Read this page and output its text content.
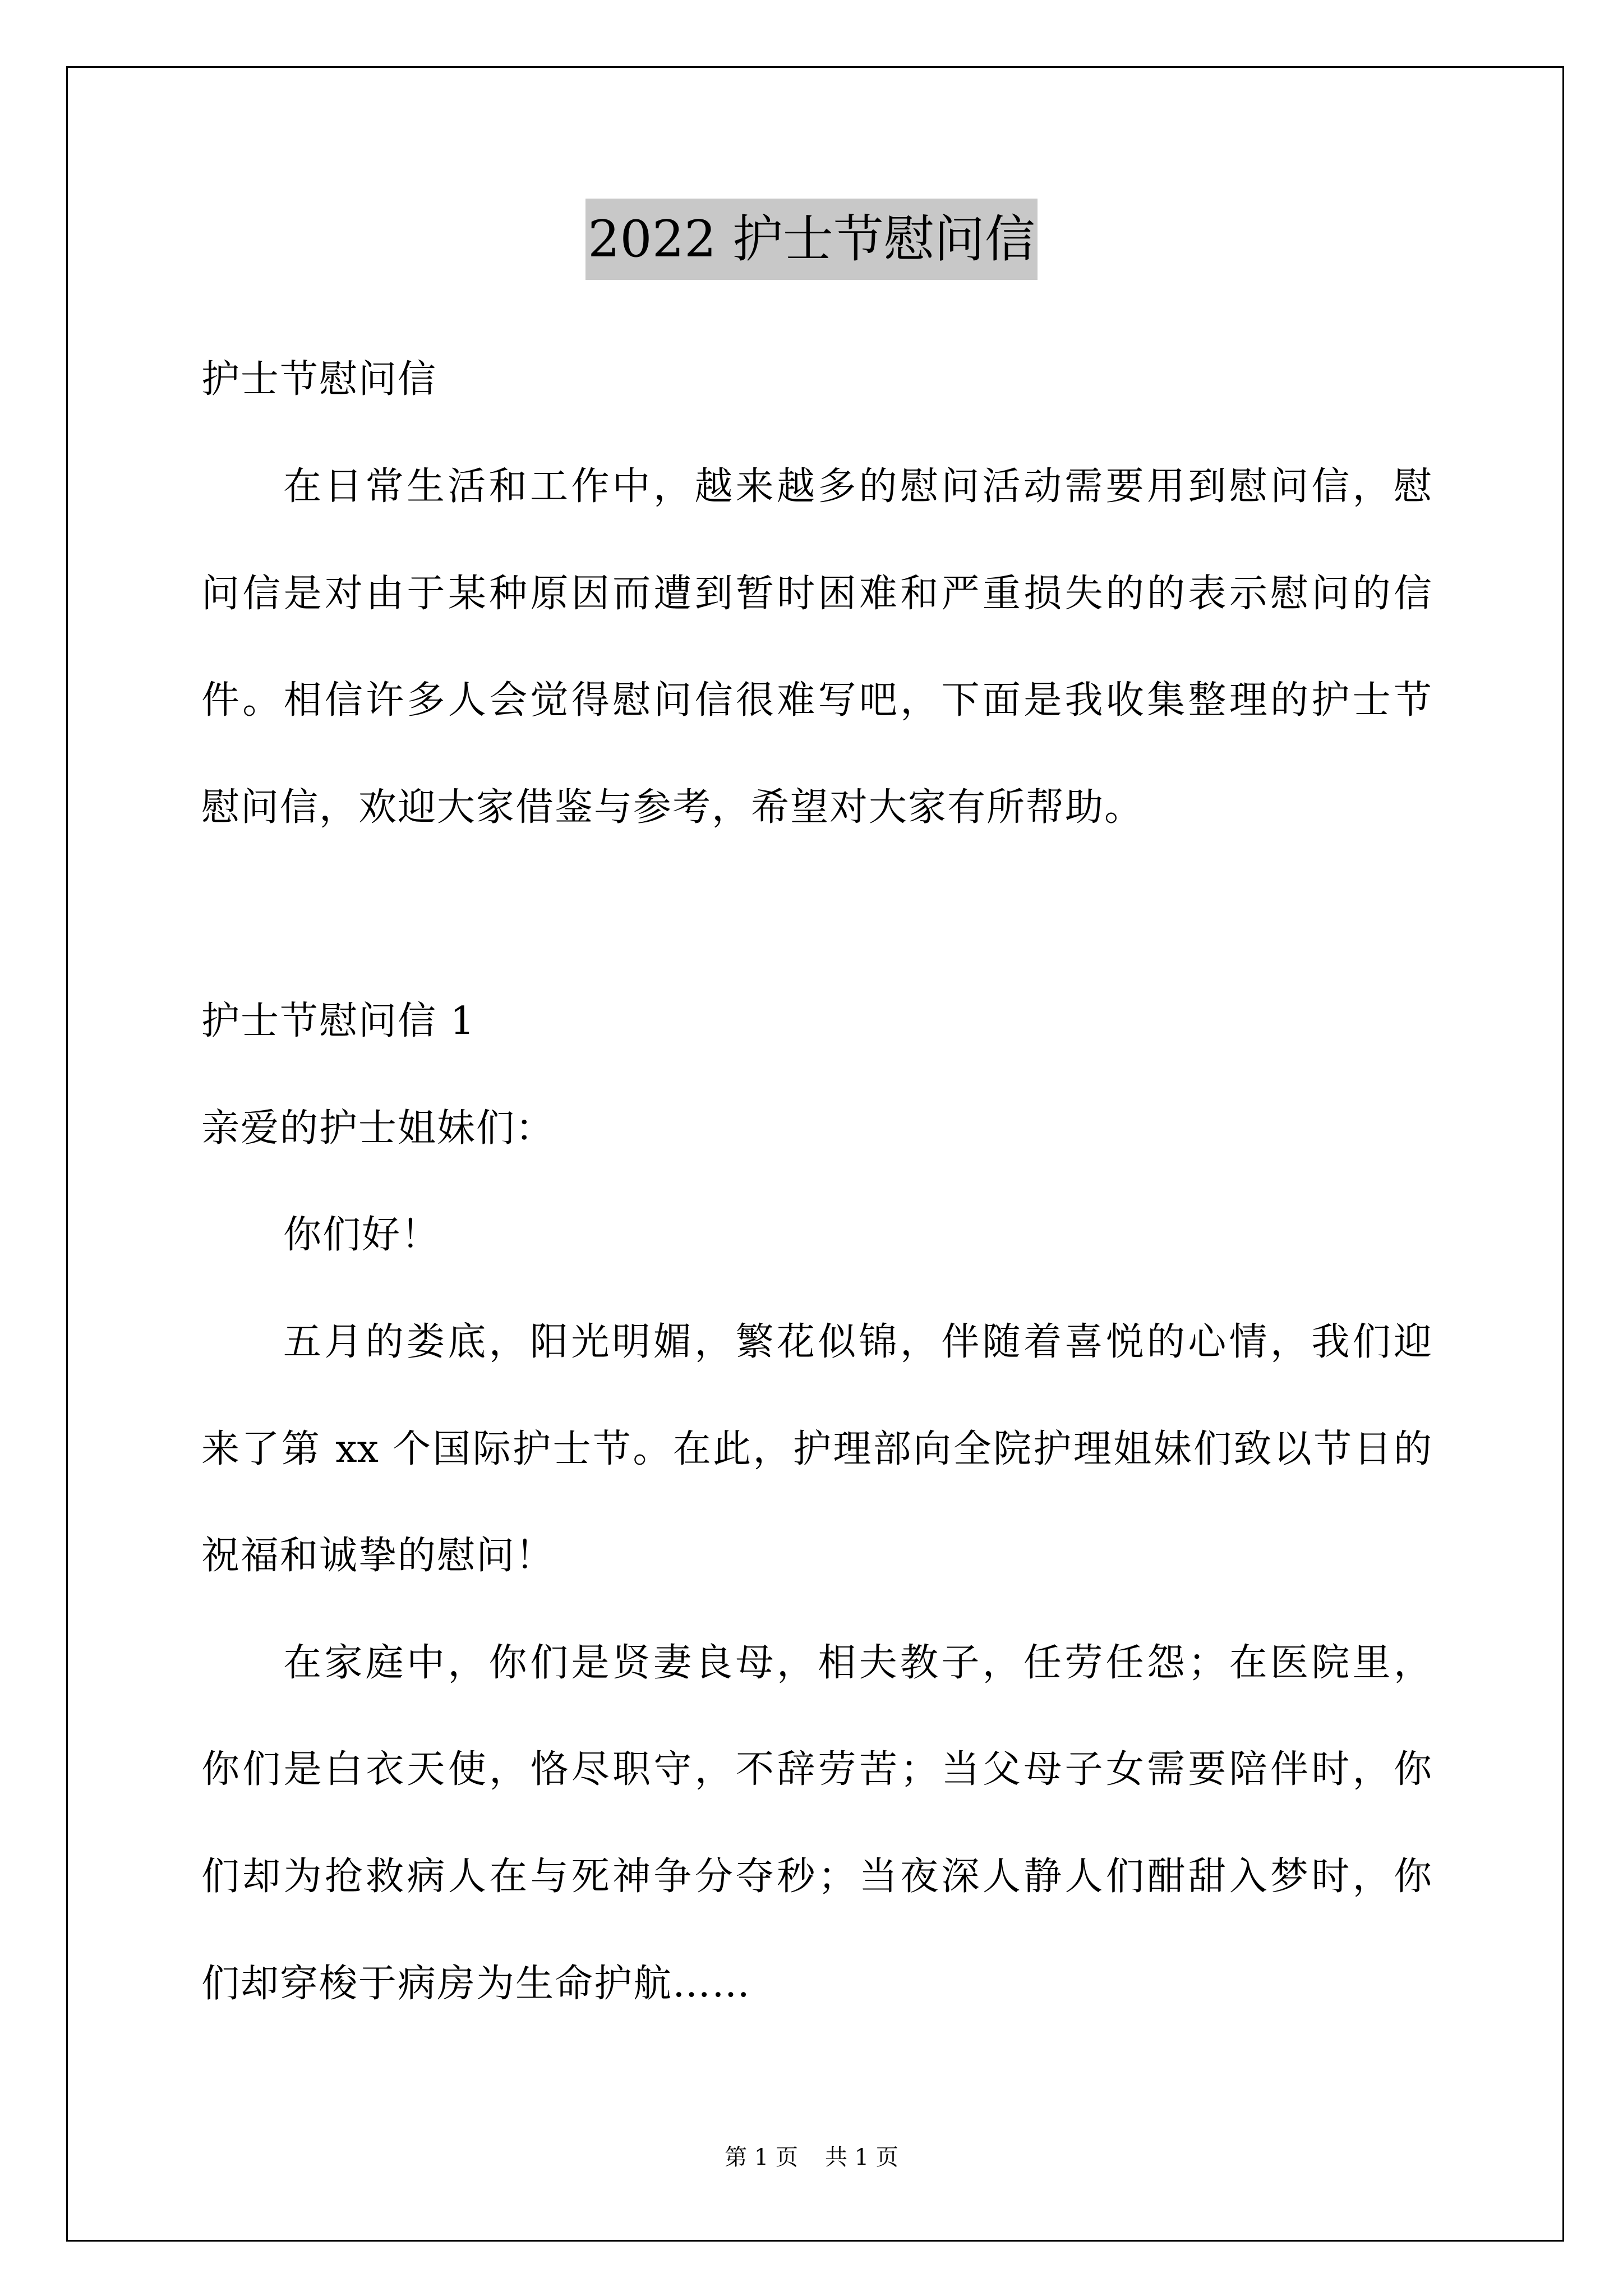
2022 护士节慰问信
护士节慰问信
在日常生活和工作中，越来越多的慰问活动需要用到慰问信，慰
问信是对由于某种原因而遭到暂时困难和严重损失的的表示慰问的信
件。相信许多人会觉得慰问信很难写吧，下面是我收集整理的护士节
慰问信，欢迎大家借鉴与参考，希望对大家有所帮助。
护士节慰问信 1
亲爱的护士姐妹们：
你们好！
五月的娄底，阳光明媚，繁花似锦，伴随着喜悦的心情，我们迎
来了第 xx 个国际护士节。在此，护理部向全院护理姐妹们致以节日的
祝福和诚挚的慰问！
在家庭中，你们是贤妻良母，相夫教子，任劳任怨；在医院里，
你们是白衣天使，恪尽职守，不辞劳苦；当父母子女需要陪伴时，你
们却为抢救病人在与死神争分夺秒；当夜深人静人们酣甜入梦时，你
们却穿梭于病房为生命护航……
第 1 页 共 1 页
